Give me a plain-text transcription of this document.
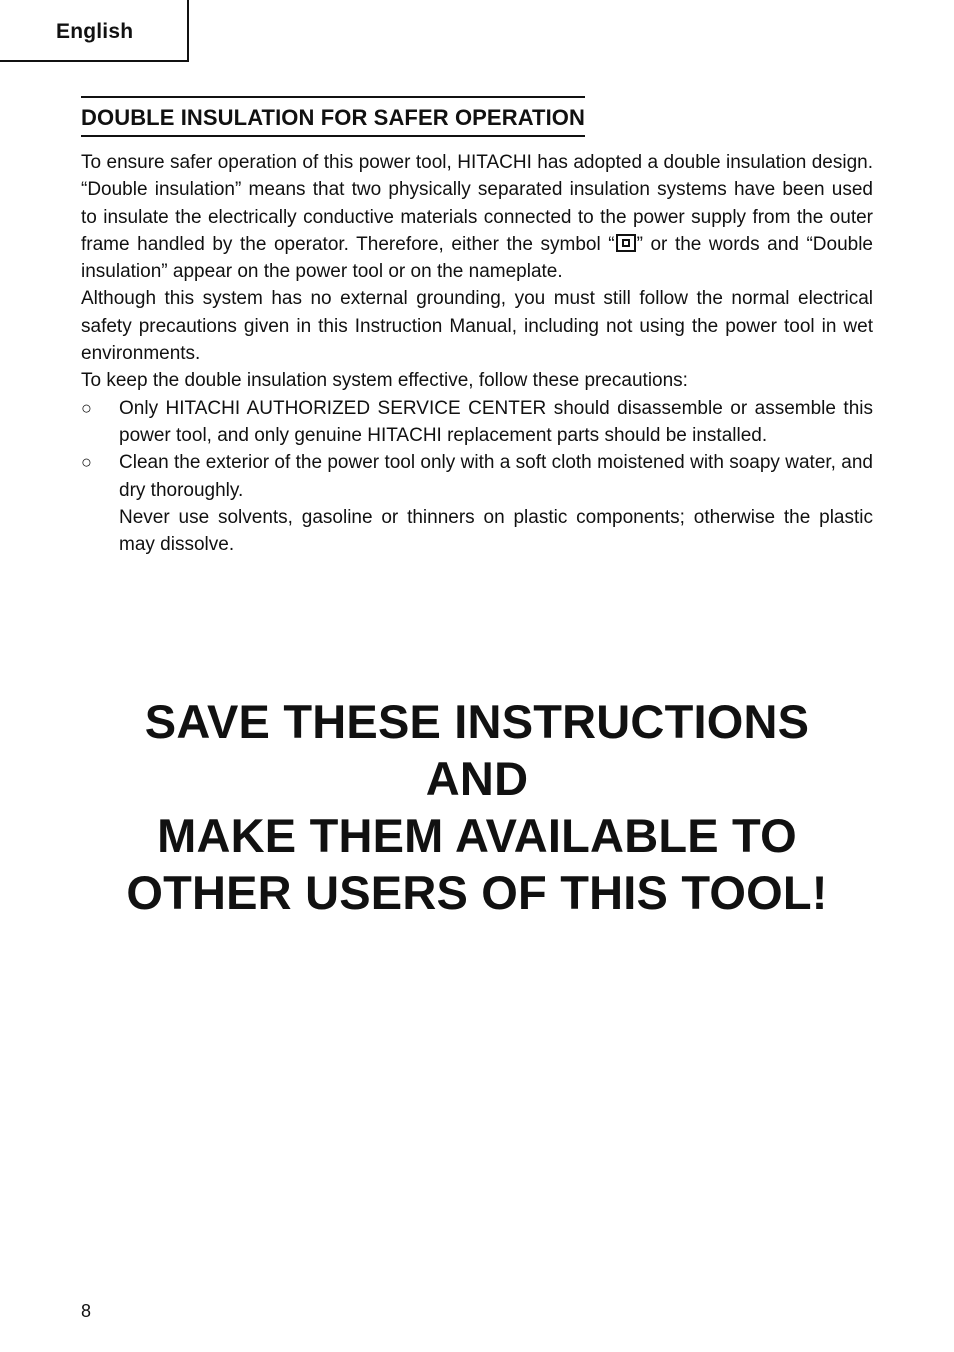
English
DOUBLE INSULATION FOR SAFER OPERATION

To ensure safer operation of this power tool, HITACHI has adopted a double insulation design. “Double insulation” means that two physically separated insulation systems have been used to insulate the electrically conductive materials connected to the power supply from the outer frame handled by the operator. Therefore, either the symbol “ ” or the words and “Double insulation” appear on the power tool or on the nameplate.

Although this system has no external grounding, you must still follow the normal electrical safety precautions given in this Instruction Manual, including not using the power tool in wet environments.

To keep the double insulation system effective, follow these precautions:

○	Only HITACHI AUTHORIZED SERVICE CENTER should disassemble or assemble this power tool, and only genuine HITACHI replacement parts should be installed.

○	Clean the exterior of the power tool only with a soft cloth moistened with soapy water, and dry thoroughly.

Never use solvents, gasoline or thinners on plastic components; otherwise the plastic may dissolve.

SAVE THESE INSTRUCTIONS
AND
MAKE THEM AVAILABLE TO
OTHER USERS OF THIS TOOL!
8
